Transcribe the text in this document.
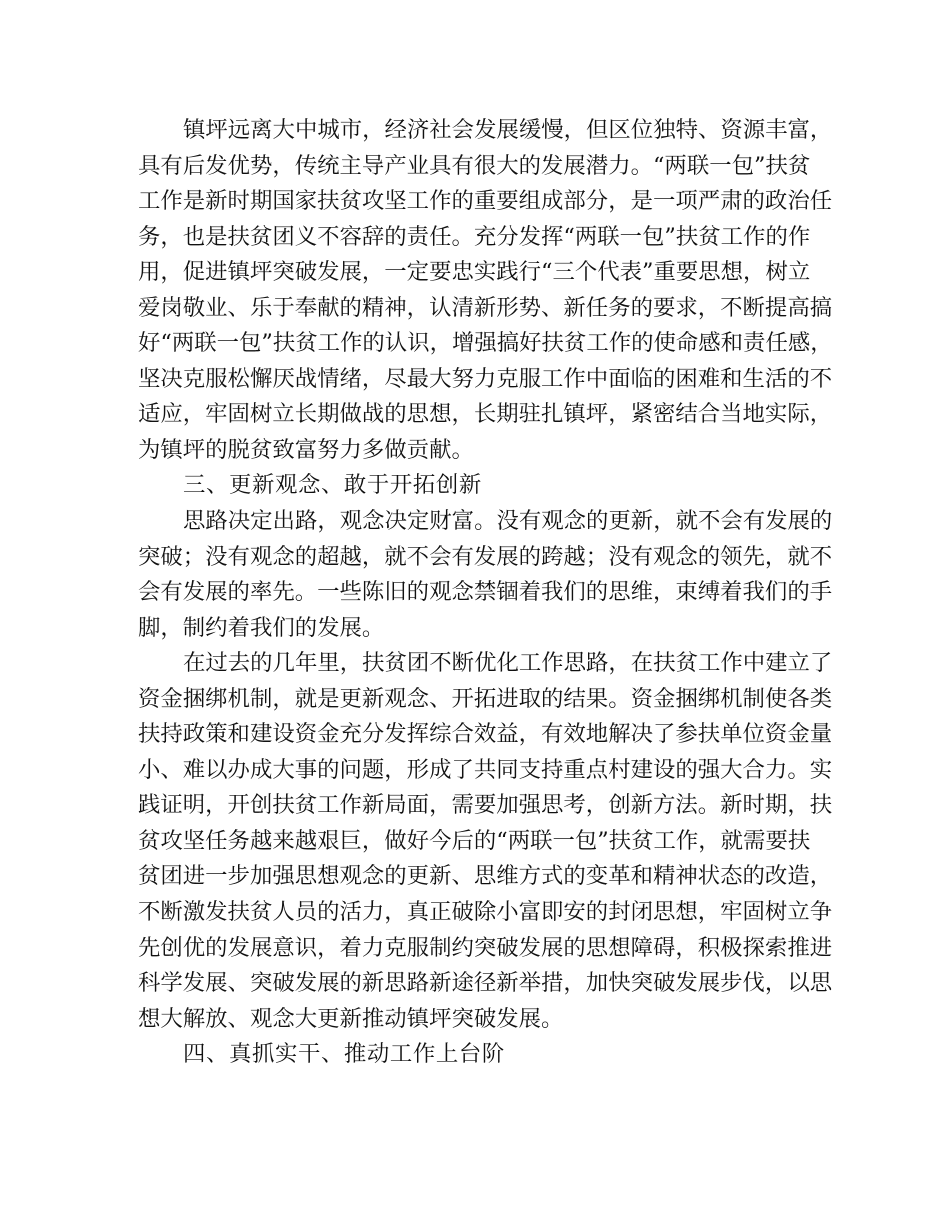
镇坪远离大中城市，经济社会发展缓慢，但区位独特、资源丰富，
具有后发优势，传统主导产业具有很大的发展潜力。“两联一包”扶贫
工作是新时期国家扶贫攻坚工作的重要组成部分，是一项严肃的政治任
务，也是扶贫团义不容辞的责任。充分发挥“两联一包”扶贫工作的作
用，促进镇坪突破发展，一定要忠实践行“三个代表”重要思想，树立
爱岗敬业、乐于奉献的精神，认清新形势、新任务的要求，不断提高搞
好“两联一包”扶贫工作的认识，增强搞好扶贫工作的使命感和责任感，
坚决克服松懈厌战情绪，尽最大努力克服工作中面临的困难和生活的不
适应，牢固树立长期做战的思想，长期驻扎镇坪，紧密结合当地实际，
为镇坪的脱贫致富努力多做贡献。
三、更新观念、敢于开拓创新
思路决定出路，观念决定财富。没有观念的更新，就不会有发展的
突破；没有观念的超越，就不会有发展的跨越；没有观念的领先，就不
会有发展的率先。一些陈旧的观念禁锢着我们的思维，束缚着我们的手
脚，制约着我们的发展。
在过去的几年里，扶贫团不断优化工作思路，在扶贫工作中建立了
资金捆绑机制，就是更新观念、开拓进取的结果。资金捆绑机制使各类
扶持政策和建设资金充分发挥综合效益，有效地解决了参扶单位资金量
小、难以办成大事的问题，形成了共同支持重点村建设的强大合力。实
践证明，开创扶贫工作新局面，需要加强思考，创新方法。新时期，扶
贫攻坚任务越来越艰巨，做好今后的“两联一包”扶贫工作，就需要扶
贫团进一步加强思想观念的更新、思维方式的变革和精神状态的改造，
不断激发扶贫人员的活力，真正破除小富即安的封闭思想，牢固树立争
先创优的发展意识，着力克服制约突破发展的思想障碍，积极探索推进
科学发展、突破发展的新思路新途径新举措，加快突破发展步伐，以思
想大解放、观念大更新推动镇坪突破发展。
四、真抓实干、推动工作上台阶
